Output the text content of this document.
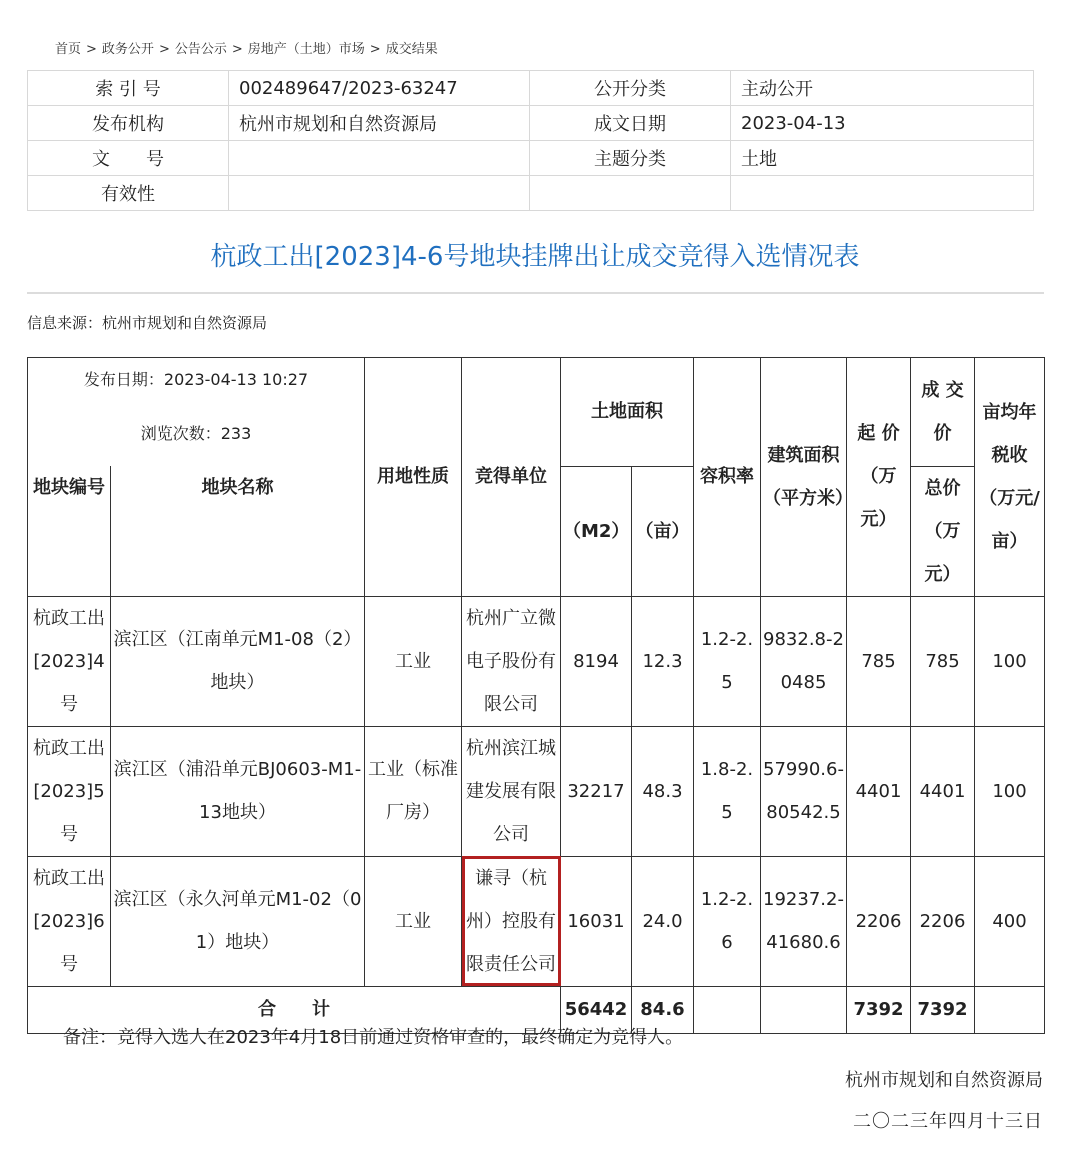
首页 > 政务公开 > 公告公示 > 房地产（土地）市场 > 成交结果
索 引 号	002489647/2023-63247	公开分类	主动公开
发布机构	杭州市规划和自然资源局	成文日期	2023-04-13
文　　号		主题分类	土地
有效性			
杭政工出[2023]4-6号地块挂牌出让成交竞得入选情况表
信息来源：杭州市规划和自然资源局
发布日期：2023-04-13 10:27
浏览次数：233		用地性质	竞得单位	土地面积		容积率	建筑面积（平方米）	起 价（万元）	成 交 价	亩均年税收（万元/亩）
地块编号	地块名称			（M2）	（亩）				总价（万元）	

杭政工出[2023]4号	滨江区（江南单元M1-08（2）地块）	工业	杭州广立微电子股份有限公司	8194	12.3	1.2-2.5	9832.8-20485	785	785	100
杭政工出[2023]5号	滨江区（浦沿单元BJ0603-M1-13地块）	工业（标准厂房）	杭州滨江城建发展有限公司	32217	48.3	1.8-2.5	57990.6-80542.5	4401	4401	100
杭政工出[2023]6号	滨江区（永久河单元M1-02（01）地块）	工业	谦寻（杭州）控股有限责任公司	16031	24.0	1.2-2.6	19237.2-41680.6	2206	2206	400
合　　计				56442	84.6			7392	7392	
备注：竞得入选人在2023年4月18日前通过资格审查的，最终确定为竞得人。
杭州市规划和自然资源局
二〇二三年四月十三日
